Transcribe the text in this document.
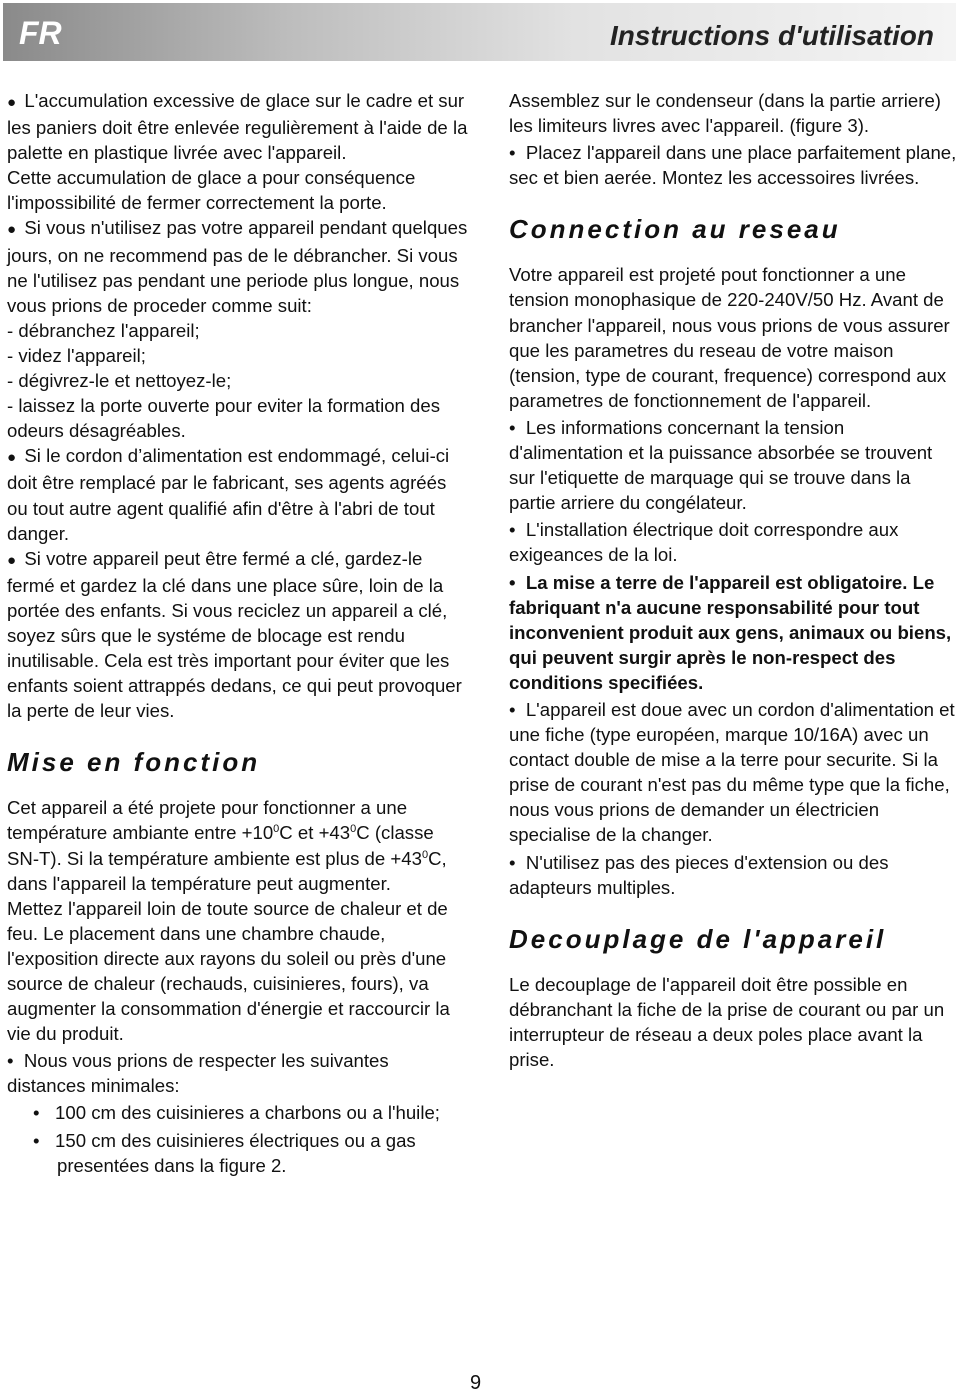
FR	Instructions d'utilisation

●  L'accumulation excessive de glace sur le cadre et sur les paniers doit être enlevée regulièrement à l'aide de la palette en plastique livrée avec l'appareil.

Cette accumulation de glace a pour conséquence l'impossibilité de fermer correctement la porte.

●  Si vous n'utilisez pas votre appareil pendant quelques jours, on ne recommend pas de le débrancher. Si vous ne l'utilisez pas pendant une periode plus longue, nous vous prions de proceder comme suit:

- débranchez l'appareil;

- videz l'appareil;

- dégivrez-le et nettoyez-le;

- laissez la porte ouverte pour eviter la formation des odeurs désagréables.

●  Si le cordon d’alimentation est endommagé, celui-ci doit être remplacé par le fabricant, ses agents agréés ou tout autre agent qualifié afin d'être à l'abri de tout danger.

●  Si votre appareil peut être fermé a clé, gardez-le fermé et gardez la clé dans une place sûre, loin de la portée des enfants. Si vous reciclez un appareil a clé, soyez sûrs que le systéme de blocage est rendu inutilisable. Cela est très important pour éviter que les enfants soient attrappés dedans, ce qui peut provoquer la perte de leur vies.

Mise en fonction

Cet appareil a été projete pour fonctionner a une température ambiante entre $+10^0C$ et $+43^0C$ (classe SN-T). Si la température ambiente est plus de $+43^0C$, dans l'appareil la température peut augmenter.

Mettez l'appareil loin de toute source de chaleur et de feu. Le placement dans une chambre chaude, l'exposition directe aux rayons du soleil ou près d'une source de chaleur (rechauds, cuisinieres, fours), va augmenter la consommation d'énergie et raccourcir la vie du produit.

•  Nous vous prions de respecter les suivantes distances minimales:

•   100 cm des cuisinieres a charbons ou a l'huile;

•   150 cm des cuisinieres électriques ou a gas presentées dans la figure 2.

Assemblez sur le condenseur (dans la partie arriere) les limiteurs livres avec l'appareil. (figure 3).

•  Placez l'appareil dans une place parfaitement plane, sec et bien aerée. Montez les accessoires livrées.

Connection au reseau

Votre appareil est projeté pout fonctionner a une tension monophasique de 220-240V/50 Hz. Avant de brancher l'appareil, nous vous prions de vous assurer que les parametres du reseau de votre maison (tension, type de courant, frequence) correspond aux parametres de fonctionnement de l'appareil.

•  Les informations concernant la tension d'alimentation et la puissance absorbée se trouvent sur l'etiquette de marquage qui se trouve dans la partie arriere du congélateur.

•  L'installation électrique doit correspondre aux exigeances de la loi.

•  La mise a terre de l'appareil est obligatoire. Le fabriquant n'a aucune responsabilité pour tout inconvenient produit aux gens, animaux ou biens, qui peuvent surgir après le non-respect des conditions specifiées.

•  L'appareil est doue avec un cordon d'alimentation et une fiche (type européen, marque 10/16A) avec un contact double de mise a la terre pour securite. Si la prise de courant n'est pas du même type que la fiche, nous vous prions de demander un électricien specialise de la changer.

•  N'utilisez pas des pieces d'extension ou des adapteurs multiples.

Decouplage de l'appareil

Le decouplage de l'appareil doit être possible en débranchant la fiche de la prise de courant ou par un interrupteur de réseau a deux poles place avant la prise.

9
